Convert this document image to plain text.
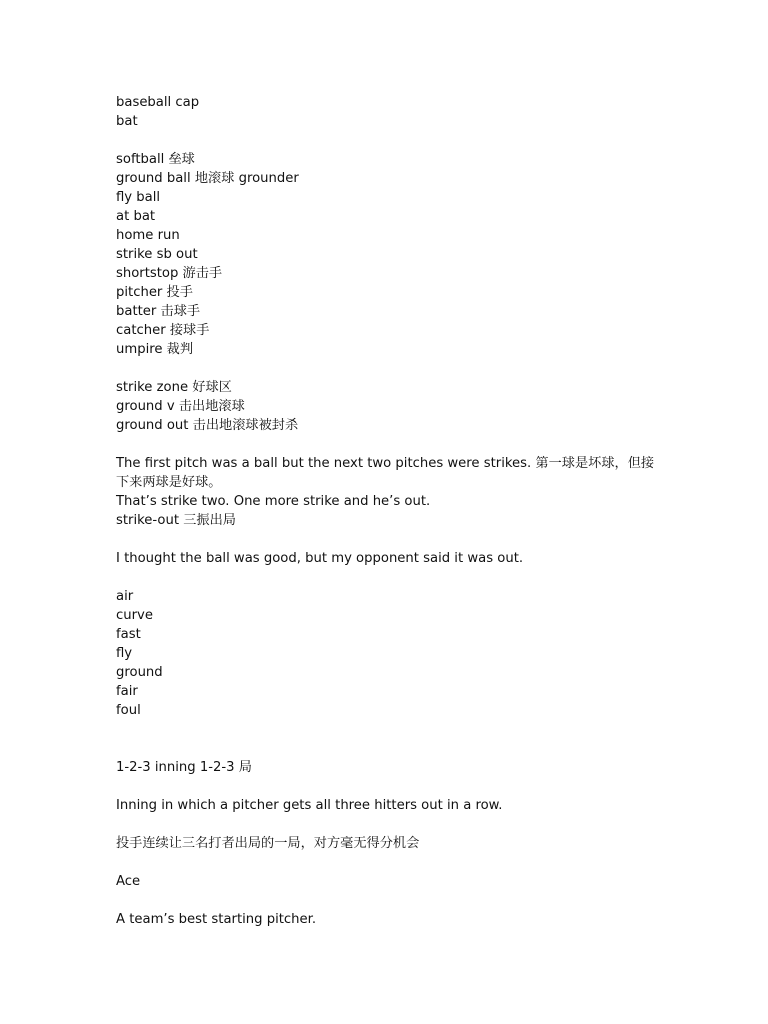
baseball cap
bat
softball 垒球
ground ball 地滚球 grounder
fly ball
at bat
home run
strike sb out
shortstop 游击手
pitcher 投手
batter 击球手
catcher 接球手
umpire 裁判
strike zone 好球区
ground v 击出地滚球
ground out 击出地滚球被封杀
The first pitch was a ball but the next two pitches were strikes. 第一球是坏球，但接下来两球是好球。
That’s strike two. One more strike and he’s out.
strike-out 三振出局
I thought the ball was good, but my opponent said it was out.
air
curve
fast
fly
ground
fair
foul
1-2-3 inning 1-2-3 局
Inning in which a pitcher gets all three hitters out in a row.
投手连续让三名打者出局的一局，对方毫无得分机会
Ace
A team’s best starting pitcher.
